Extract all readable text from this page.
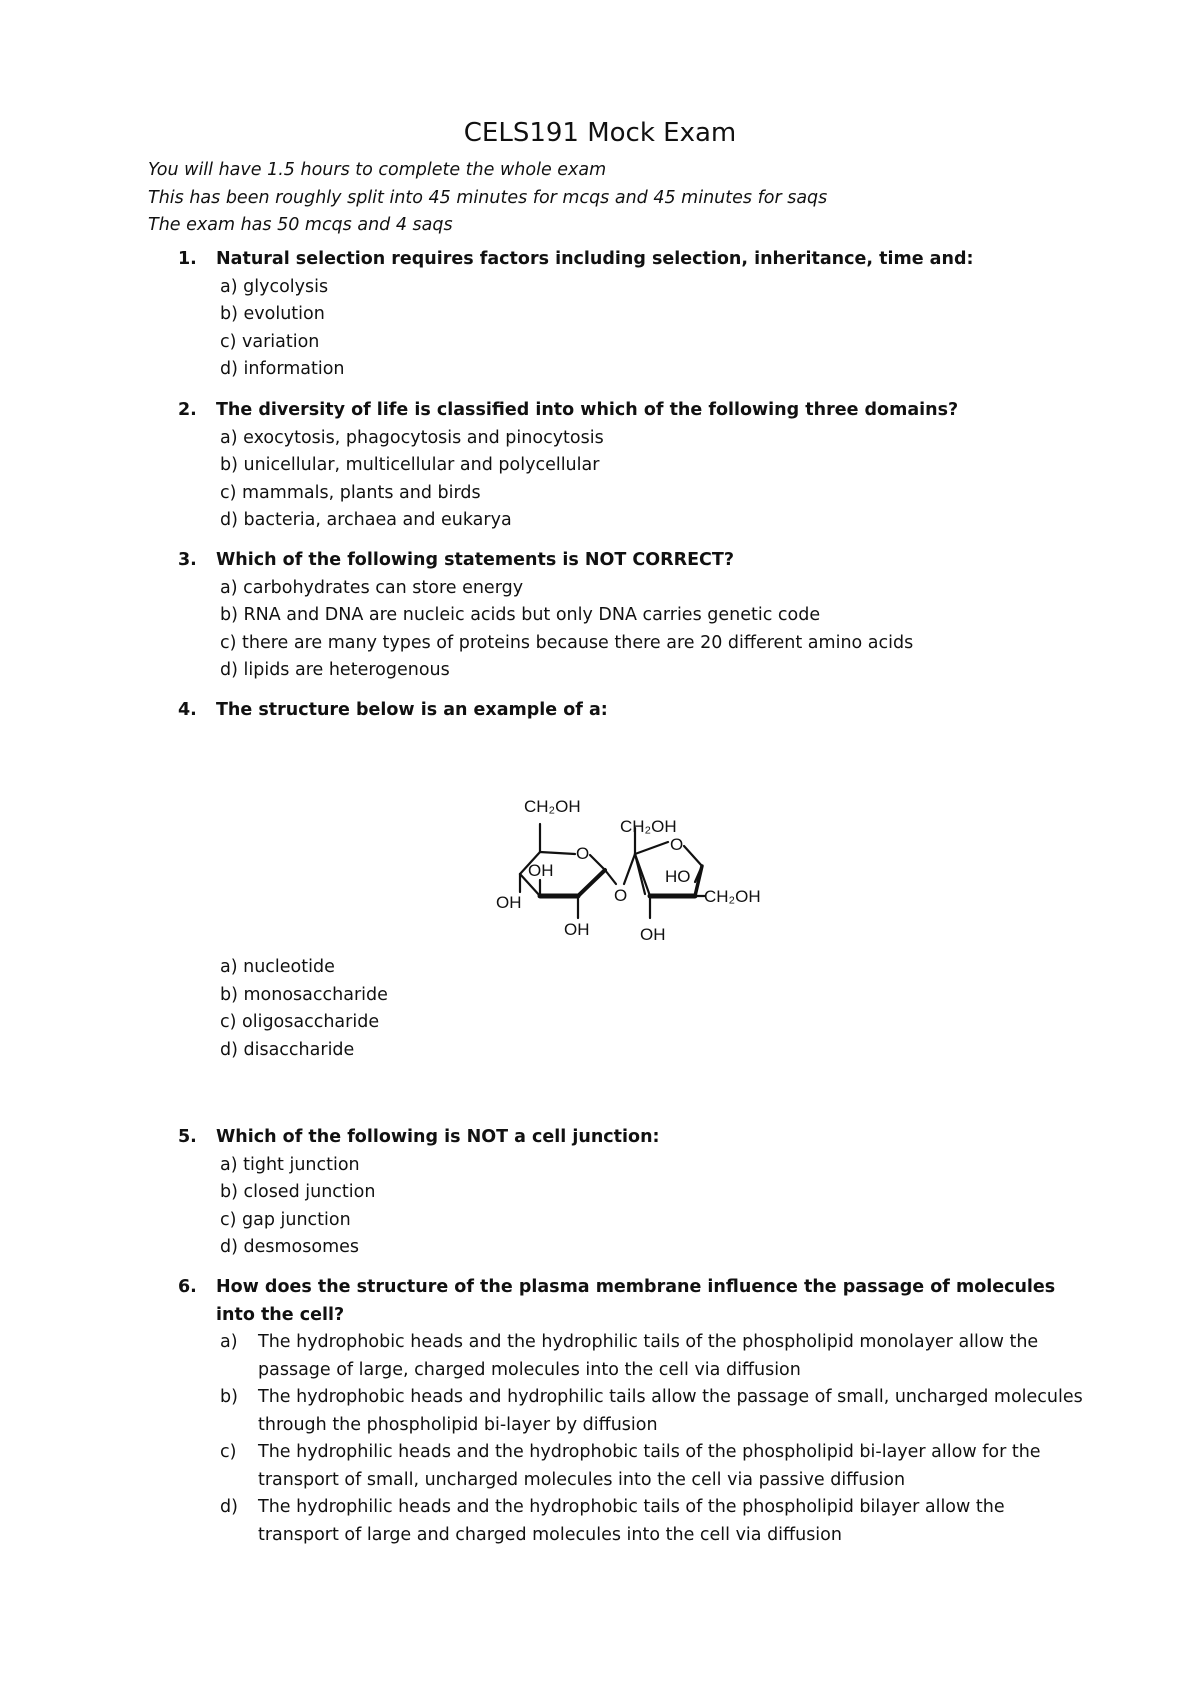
CELS191 Mock Exam
You will have 1.5 hours to complete the whole exam
This has been roughly split into 45 minutes for mcqs and 45 minutes for saqs
The exam has 50 mcqs and 4 saqs
1.	Natural selection requires factors including selection, inheritance, time and:
a) glycolysis
b) evolution
c) variation
d) information
2.	The diversity of life is classified into which of the following three domains?
a) exocytosis, phagocytosis and pinocytosis
b) unicellular, multicellular and polycellular
c) mammals, plants and birds
d) bacteria, archaea and eukarya
3.	Which of the following statements is NOT CORRECT?
a) carbohydrates can store energy
b) RNA and DNA are nucleic acids but only DNA carries genetic code
c) there are many types of proteins because there are 20 different amino acids
d) lipids are heterogenous
4.	The structure below is an example of a:
CH₂OH
O
OH
OH
OH
O
CH₂OH
O
HO
CH₂OH
OH
a) nucleotide
b) monosaccharide
c) oligosaccharide
d) disaccharide
5.	Which of the following is NOT a cell junction:
a) tight junction
b) closed junction
c) gap junction
d) desmosomes
6.	How does the structure of the plasma membrane influence the passage of molecules into the cell?
a)	The hydrophobic heads and the hydrophilic tails of the phospholipid monolayer allow the passage of large, charged molecules into the cell via diffusion
b)	The hydrophobic heads and hydrophilic tails allow the passage of small, uncharged molecules through the phospholipid bi-layer by diffusion
c)	The hydrophilic heads and the hydrophobic tails of the phospholipid bi-layer allow for the transport of small, uncharged molecules into the cell via passive diffusion
d)	The hydrophilic heads and the hydrophobic tails of the phospholipid bilayer allow the transport of large and charged molecules into the cell via diffusion
